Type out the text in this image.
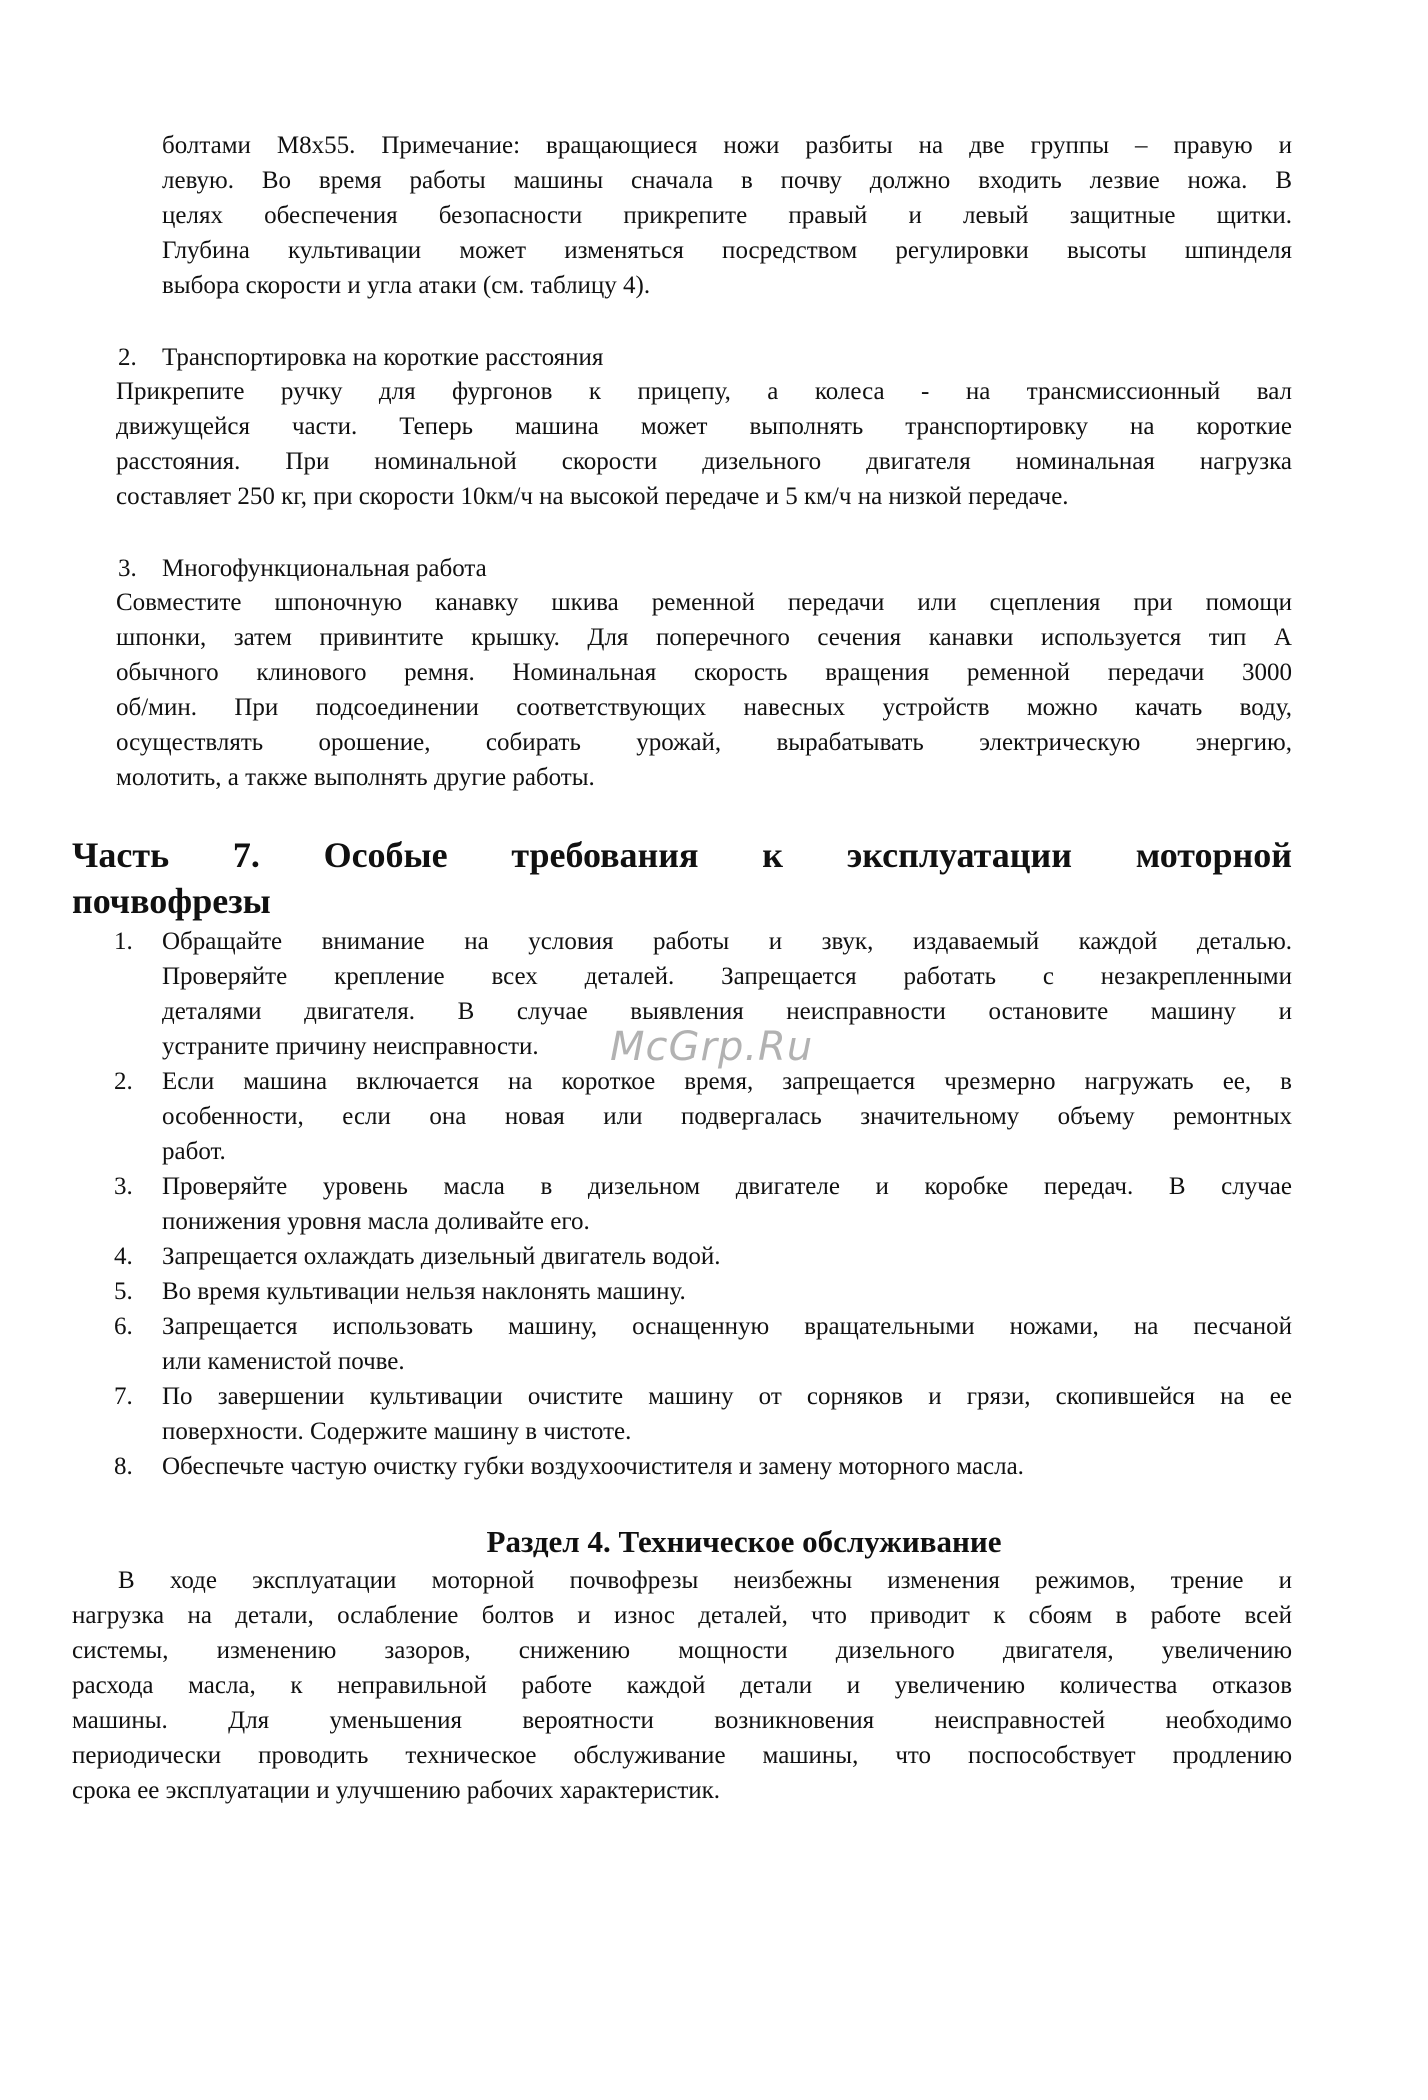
болтами М8х55. Примечание: вращающиеся ножи разбиты на две группы – правую и
левую. Во время работы машины сначала в почву должно входить лезвие ножа. В
целях обеспечения безопасности прикрепите правый и левый защитные щитки.
Глубина культивации может изменяться посредством регулировки высоты шпинделя
выбора скорости и угла атаки (см. таблицу 4).
2. Транспортировка на короткие расстояния
Прикрепите ручку для фургонов к прицепу, а колеса - на трансмиссионный вал
движущейся части. Теперь машина может выполнять транспортировку на короткие
расстояния. При номинальной скорости дизельного двигателя номинальная нагрузка
составляет 250 кг, при скорости 10км/ч на высокой передаче и 5 км/ч на низкой передаче.
3. Многофункциональная работа
Совместите шпоночную канавку шкива ременной передачи или сцепления при помощи
шпонки, затем привинтите крышку. Для поперечного сечения канавки используется тип А
обычного клинового ремня. Номинальная скорость вращения ременной передачи 3000
об/мин. При подсоединении соответствующих навесных устройств можно качать воду,
осуществлять орошение, собирать урожай, вырабатывать электрическую энергию,
молотить, а также выполнять другие работы.
Часть 7. Особые требования к эксплуатации моторной
почвофрезы
1. Обращайте внимание на условия работы и звук, издаваемый каждой деталью.
Проверяйте крепление всех деталей. Запрещается работать с незакрепленными
деталями двигателя. В случае выявления неисправности остановите машину и
устраните причину неисправности.
2. Если машина включается на короткое время, запрещается чрезмерно нагружать ее, в
особенности, если она новая или подвергалась значительному объему ремонтных
работ.
3. Проверяйте уровень масла в дизельном двигателе и коробке передач. В случае
понижения уровня масла доливайте его.
4. Запрещается охлаждать дизельный двигатель водой.
5. Во время культивации нельзя наклонять машину.
6. Запрещается использовать машину, оснащенную вращательными ножами, на песчаной
или каменистой почве.
7. По завершении культивации очистите машину от сорняков и грязи, скопившейся на ее
поверхности. Содержите машину в чистоте.
8. Обеспечьте частую очистку губки воздухоочистителя и замену моторного масла.
McGrp.Ru
Раздел 4. Техническое обслуживание
В ходе эксплуатации моторной почвофрезы неизбежны изменения режимов, трение и
нагрузка на детали, ослабление болтов и износ деталей, что приводит к сбоям в работе всей
системы, изменению зазоров, снижению мощности дизельного двигателя, увеличению
расхода масла, к неправильной работе каждой детали и увеличению количества отказов
машины. Для уменьшения вероятности возникновения неисправностей необходимо
периодически проводить техническое обслуживание машины, что поспособствует продлению
срока ее эксплуатации и улучшению рабочих характеристик.
